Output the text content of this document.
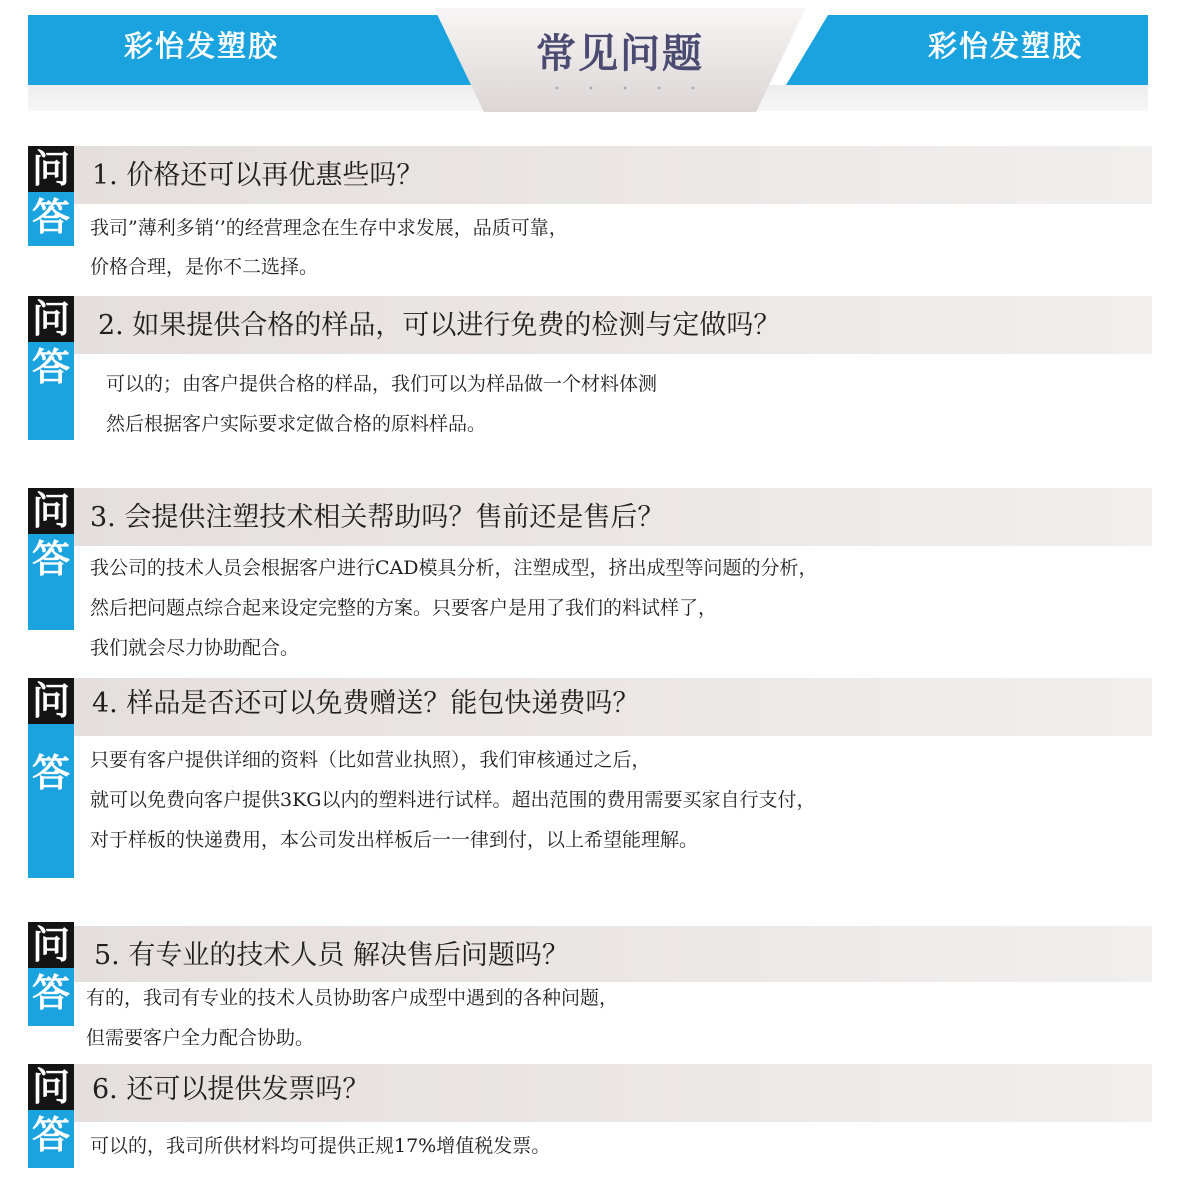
彩怡发塑胶	常见问题	彩怡发塑胶
问
答
1. 价格还可以再优惠些吗？
我司”薄利多销‘’的经营理念在生存中求发展，品质可靠，
价格合理，是你不二选择。
问
答
2. 如果提供合格的样品，可以进行免费的检测与定做吗？
可以的；由客户提供合格的样品，我们可以为样品做一个材料体测
然后根据客户实际要求定做合格的原料样品。
问
答
3. 会提供注塑技术相关帮助吗？售前还是售后？
我公司的技术人员会根据客户进行CAD模具分析，注塑成型，挤出成型等问题的分析，
然后把问题点综合起来设定完整的方案。只要客户是用了我们的料试样了，
我们就会尽力协助配合。
问
答
4. 样品是否还可以免费赠送？能包快递费吗？
只要有客户提供详细的资料（比如营业执照），我们审核通过之后，
就可以免费向客户提供3KG以内的塑料进行试样。超出范围的费用需要买家自行支付，
对于样板的快递费用，本公司发出样板后一一律到付，以上希望能理解。
问
答
5. 有专业的技术人员 解决售后问题吗？
有的，我司有专业的技术人员协助客户成型中遇到的各种问题，
但需要客户全力配合协助。
问
答
6. 还可以提供发票吗？
可以的，我司所供材料均可提供正规17%增值税发票。
